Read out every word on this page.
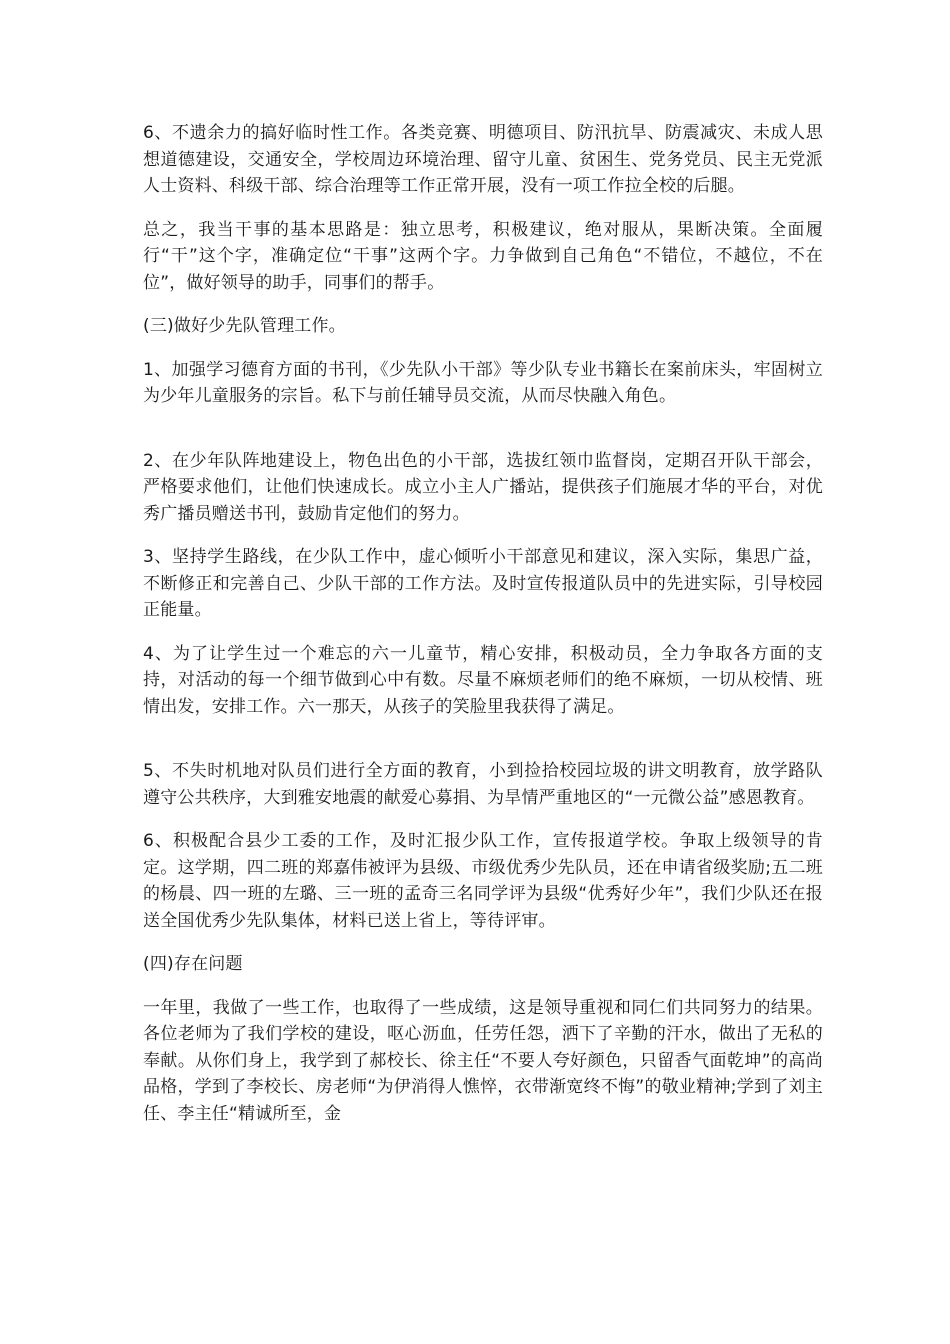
6、不遗余力的搞好临时性工作。各类竞赛、明德项目、防汛抗旱、防震减灾、未成人思想道德建设，交通安全，学校周边环境治理、留守儿童、贫困生、党务党员、民主无党派人士资料、科级干部、综合治理等工作正常开展，没有一项工作拉全校的后腿。

总之，我当干事的基本思路是：独立思考，积极建议，绝对服从，果断决策。全面履行“干”这个字，准确定位“干事”这两个字。力争做到自己角色“不错位，不越位，不在位”，做好领导的助手，同事们的帮手。

(三)做好少先队管理工作。

1、加强学习德育方面的书刊，《少先队小干部》等少队专业书籍长在案前床头，牢固树立为少年儿童服务的宗旨。私下与前任辅导员交流，从而尽快融入角色。

2、在少年队阵地建设上，物色出色的小干部，选拔红领巾监督岗，定期召开队干部会，严格要求他们，让他们快速成长。成立小主人广播站，提供孩子们施展才华的平台，对优秀广播员赠送书刊，鼓励肯定他们的努力。

3、坚持学生路线，在少队工作中，虚心倾听小干部意见和建议，深入实际，集思广益，不断修正和完善自己、少队干部的工作方法。及时宣传报道队员中的先进实际，引导校园正能量。

4、为了让学生过一个难忘的六一儿童节，精心安排，积极动员，全力争取各方面的支持，对活动的每一个细节做到心中有数。尽量不麻烦老师们的绝不麻烦，一切从校情、班情出发，安排工作。六一那天，从孩子的笑脸里我获得了满足。

5、不失时机地对队员们进行全方面的教育，小到捡拾校园垃圾的讲文明教育，放学路队遵守公共秩序，大到雅安地震的献爱心募捐、为旱情严重地区的“一元微公益”感恩教育。

6、积极配合县少工委的工作，及时汇报少队工作，宣传报道学校。争取上级领导的肯定。这学期，四二班的郑嘉伟被评为县级、市级优秀少先队员，还在申请省级奖励;五二班的杨晨、四一班的左璐、三一班的孟奇三名同学评为县级“优秀好少年”，我们少队还在报送全国优秀少先队集体，材料已送上省上，等待评审。

(四)存在问题

一年里，我做了一些工作，也取得了一些成绩，这是领导重视和同仁们共同努力的结果。各位老师为了我们学校的建设，呕心沥血，任劳任怨，洒下了辛勤的汗水，做出了无私的奉献。从你们身上，我学到了郝校长、徐主任“不要人夸好颜色，只留香气面乾坤”的高尚品格，学到了李校长、房老师“为伊消得人憔悴，衣带渐宽终不悔”的敬业精神;学到了刘主任、李主任“精诚所至，金
